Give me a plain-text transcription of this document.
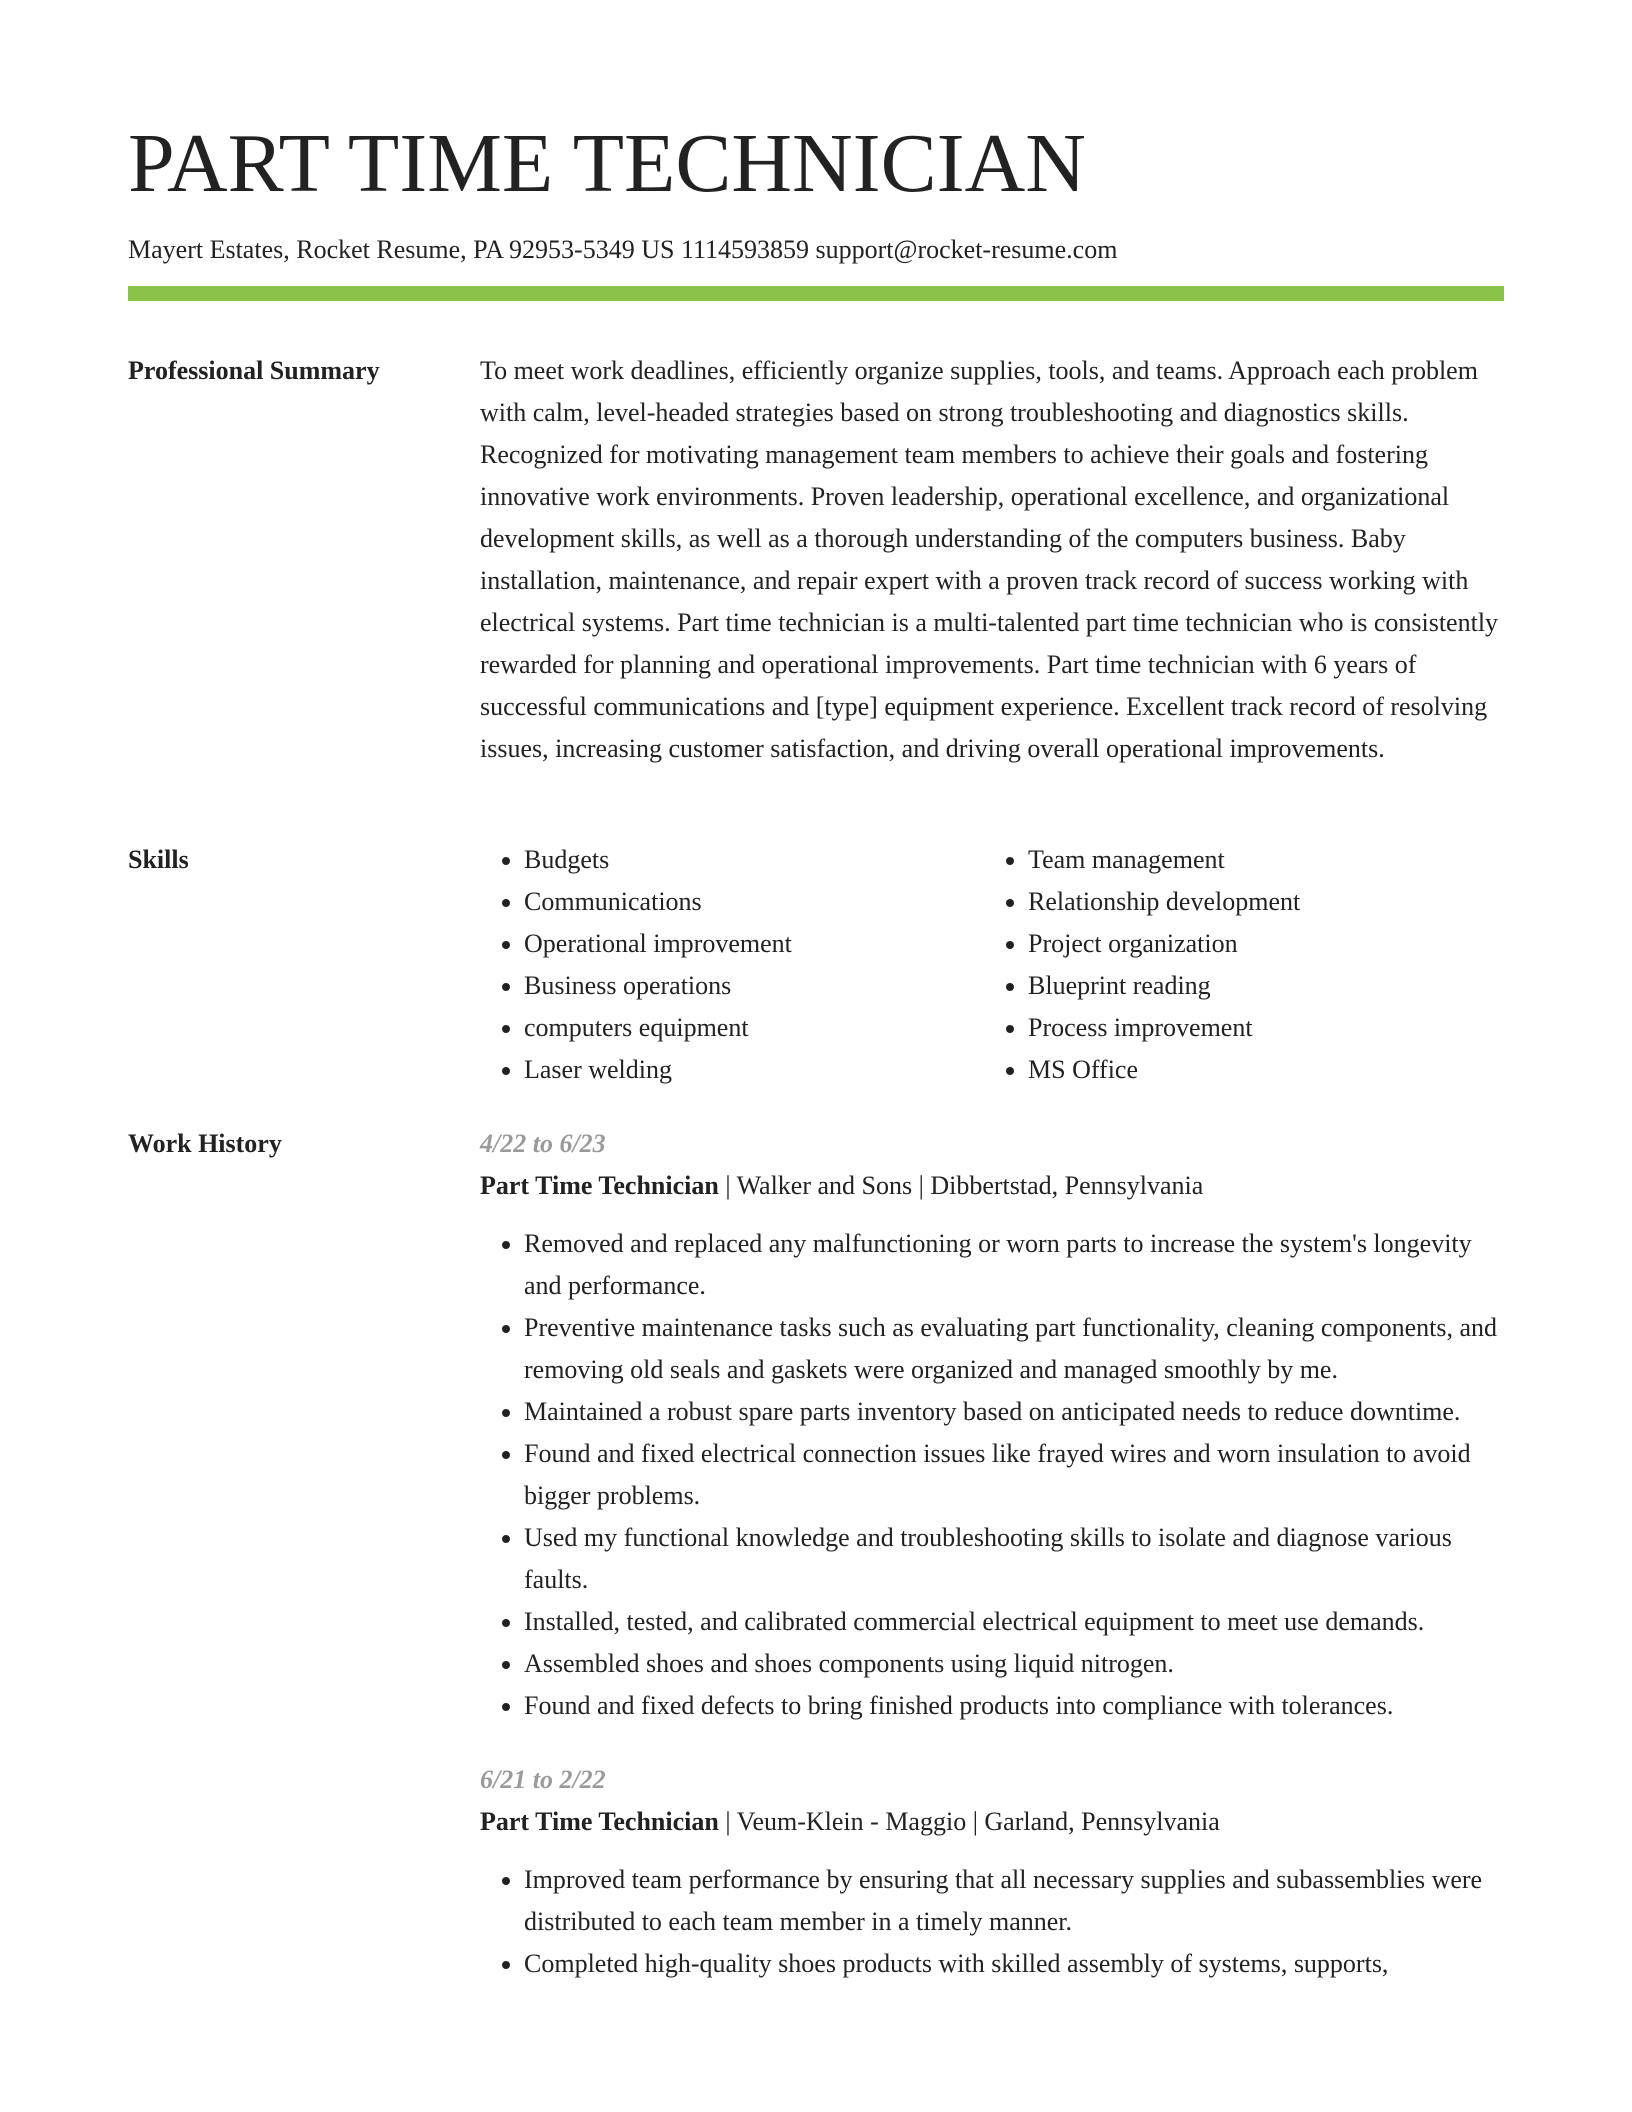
PART TIME TECHNICIAN
Mayert Estates, Rocket Resume, PA 92953-5349 US 1114593859 support@rocket-resume.com
Professional Summary	To meet work deadlines, efficiently organize supplies, tools, and teams. Approach each problem with calm, level-headed strategies based on strong troubleshooting and diagnostics skills. Recognized for motivating management team members to achieve their goals and fostering innovative work environments. Proven leadership, operational excellence, and organizational development skills, as well as a thorough understanding of the computers business. Baby installation, maintenance, and repair expert with a proven track record of success working with electrical systems. Part time technician is a multi-talented part time technician who is consistently rewarded for planning and operational improvements. Part time technician with 6 years of successful communications and [type] equipment experience. Excellent track record of resolving issues, increasing customer satisfaction, and driving overall operational improvements.

Skills
•	Budgets
• Communications
• Operational improvement
• Business operations
• computers equipment
• Laser welding
• Team management
• Relationship development
• Project organization
• Blueprint reading
• Process improvement
• MS Office
Work History	4/22 to 6/23
Part Time Technician | Walker and Sons | Dibbertstad, Pennsylvania
• Removed and replaced any malfunctioning or worn parts to increase the system's longevity and performance.
• Preventive maintenance tasks such as evaluating part functionality, cleaning components, and removing old seals and gaskets were organized and managed smoothly by me.
• Maintained a robust spare parts inventory based on anticipated needs to reduce downtime.
• Found and fixed electrical connection issues like frayed wires and worn insulation to avoid bigger problems.
• Used my functional knowledge and troubleshooting skills to isolate and diagnose various faults.
• Installed, tested, and calibrated commercial electrical equipment to meet use demands.
• Assembled shoes and shoes components using liquid nitrogen.
• Found and fixed defects to bring finished products into compliance with tolerances.
6/21 to 2/22
Part Time Technician | Veum-Klein - Maggio | Garland, Pennsylvania
• Improved team performance by ensuring that all necessary supplies and subassemblies were distributed to each team member in a timely manner.
• Completed high-quality shoes products with skilled assembly of systems, supports,
